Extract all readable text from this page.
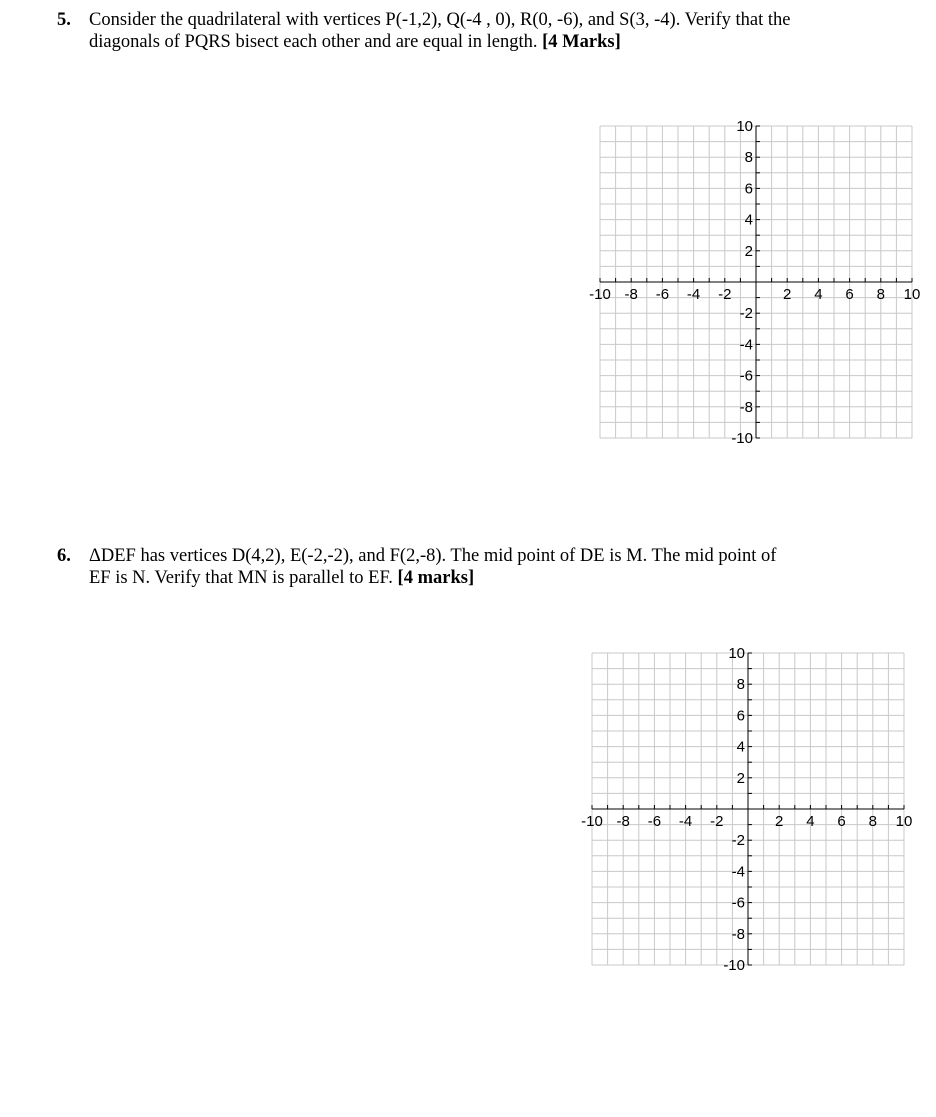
5. Consider the quadrilateral with vertices P(-1,2), Q(-4 , 0), R(0, -6), and S(3, -4). Verify that the
diagonals of PQRS bisect each other and are equal in length. [4 Marks]
-10 -8 -6 -4 -2	2 4 6 8 10
10
8
6
4
2
-2
-4
-6
-8
-10
6. ΔDEF has vertices D(4,2), E(-2,-2), and F(2,-8). The mid point of DE is M. The mid point of
EF is N. Verify that MN is parallel to EF. [4 marks]
-10 -8 -6 -4 -2	2 4 6 8 10
10
8
6
4
2
-2
-4
-6
-8
-10
